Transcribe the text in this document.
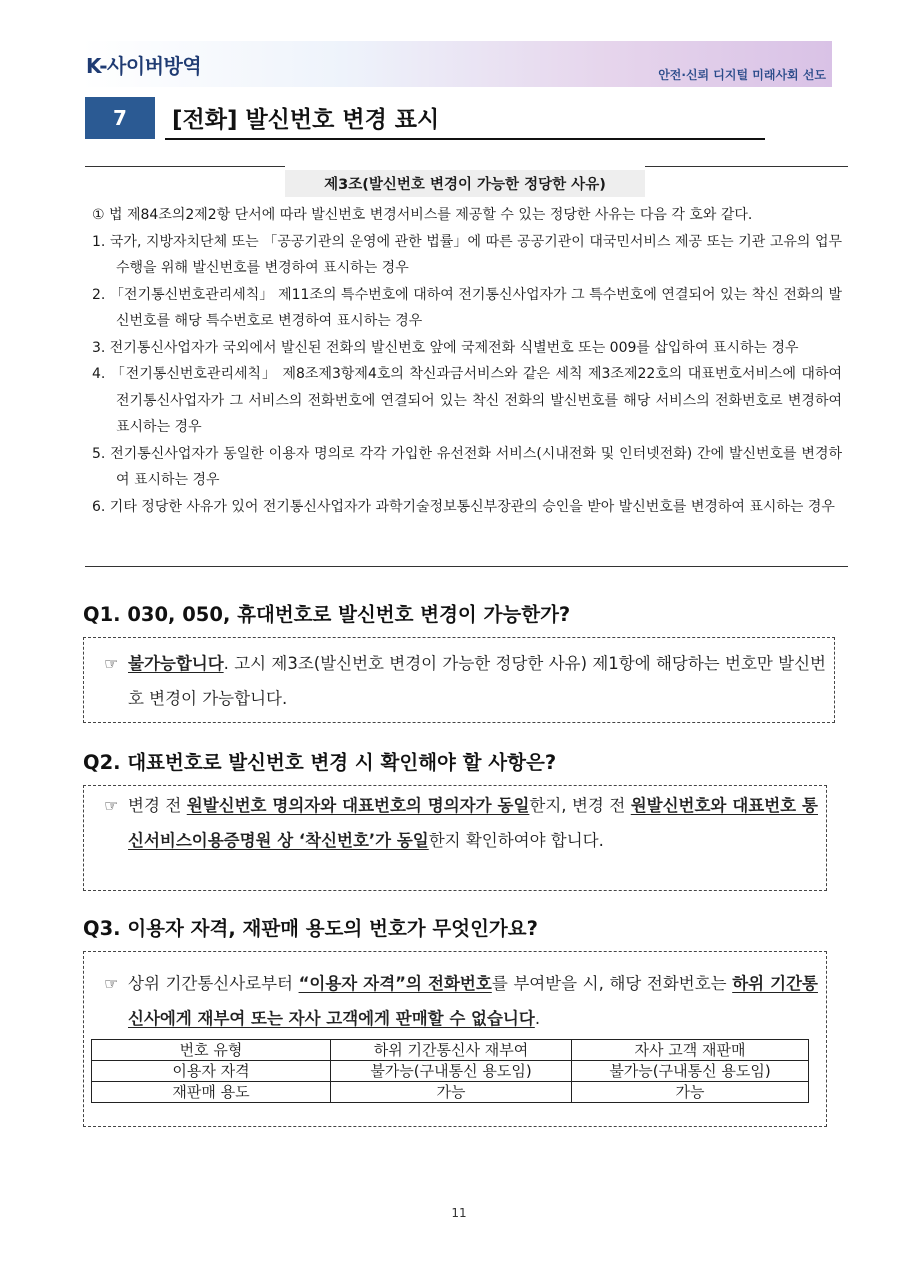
K-사이버방역	안전·신뢰 디지털 미래사회 선도
7	[전화] 발신번호 변경 표시
제3조(발신번호 변경이 가능한 정당한 사유)

① 법 제84조의2제2항 단서에 따라 발신번호 변경서비스를 제공할 수 있는 정당한 사유는 다음 각 호와 같다.

1. 국가, 지방자치단체 또는 「공공기관의 운영에 관한 법률」에 따른 공공기관이 대국민서비스 제공 또는 기관 고유의 업무수행을 위해 발신번호를 변경하여 표시하는 경우

2. 「전기통신번호관리세칙」 제11조의 특수번호에 대하여 전기통신사업자가 그 특수번호에 연결되어 있는 착신 전화의 발신번호를 해당 특수번호로 변경하여 표시하는 경우

3. 전기통신사업자가 국외에서 발신된 전화의 발신번호 앞에 국제전화 식별번호 또는 009를 삽입하여 표시하는 경우

4. 「전기통신번호관리세칙」 제8조제3항제4호의 착신과금서비스와 같은 세칙 제3조제22호의 대표번호서비스에 대하여 전기통신사업자가 그 서비스의 전화번호에 연결되어 있는 착신 전화의 발신번호를 해당 서비스의 전화번호로 변경하여 표시하는 경우

5. 전기통신사업자가 동일한 이용자 명의로 각각 가입한 유선전화 서비스(시내전화 및 인터넷전화) 간에 발신번호를 변경하여 표시하는 경우

6. 기타 정당한 사유가 있어 전기통신사업자가 과학기술정보통신부장관의 승인을 받아 발신번호를 변경하여 표시하는 경우

Q1. 030, 050, 휴대번호로 발신번호 변경이 가능한가?
☞ 불가능합니다. 고시 제3조(발신번호 변경이 가능한 정당한 사유) 제1항에 해당하는 번호만 발신번호 변경이 가능합니다.
Q2. 대표번호로 발신번호 변경 시 확인해야 할 사항은?
☞ 변경 전 원발신번호 명의자와 대표번호의 명의자가 동일한지, 변경 전 원발신번호와 대표번호 통신서비스이용증명원 상 ‘착신번호’가 동일한지 확인하여야 합니다.
Q3. 이용자 자격, 재판매 용도의 번호가 무엇인가요?
☞ 상위 기간통신사로부터 “이용자 자격”의 전화번호를 부여받을 시, 해당 전화번호는 하위 기간통신사에게 재부여 또는 자사 고객에게 판매할 수 없습니다.
번호 유형	하위 기간통신사 재부여	자사 고객 재판매
이용자 자격	불가능(구내통신 용도임)	불가능(구내통신 용도임)
재판매 용도	가능	가능
11
